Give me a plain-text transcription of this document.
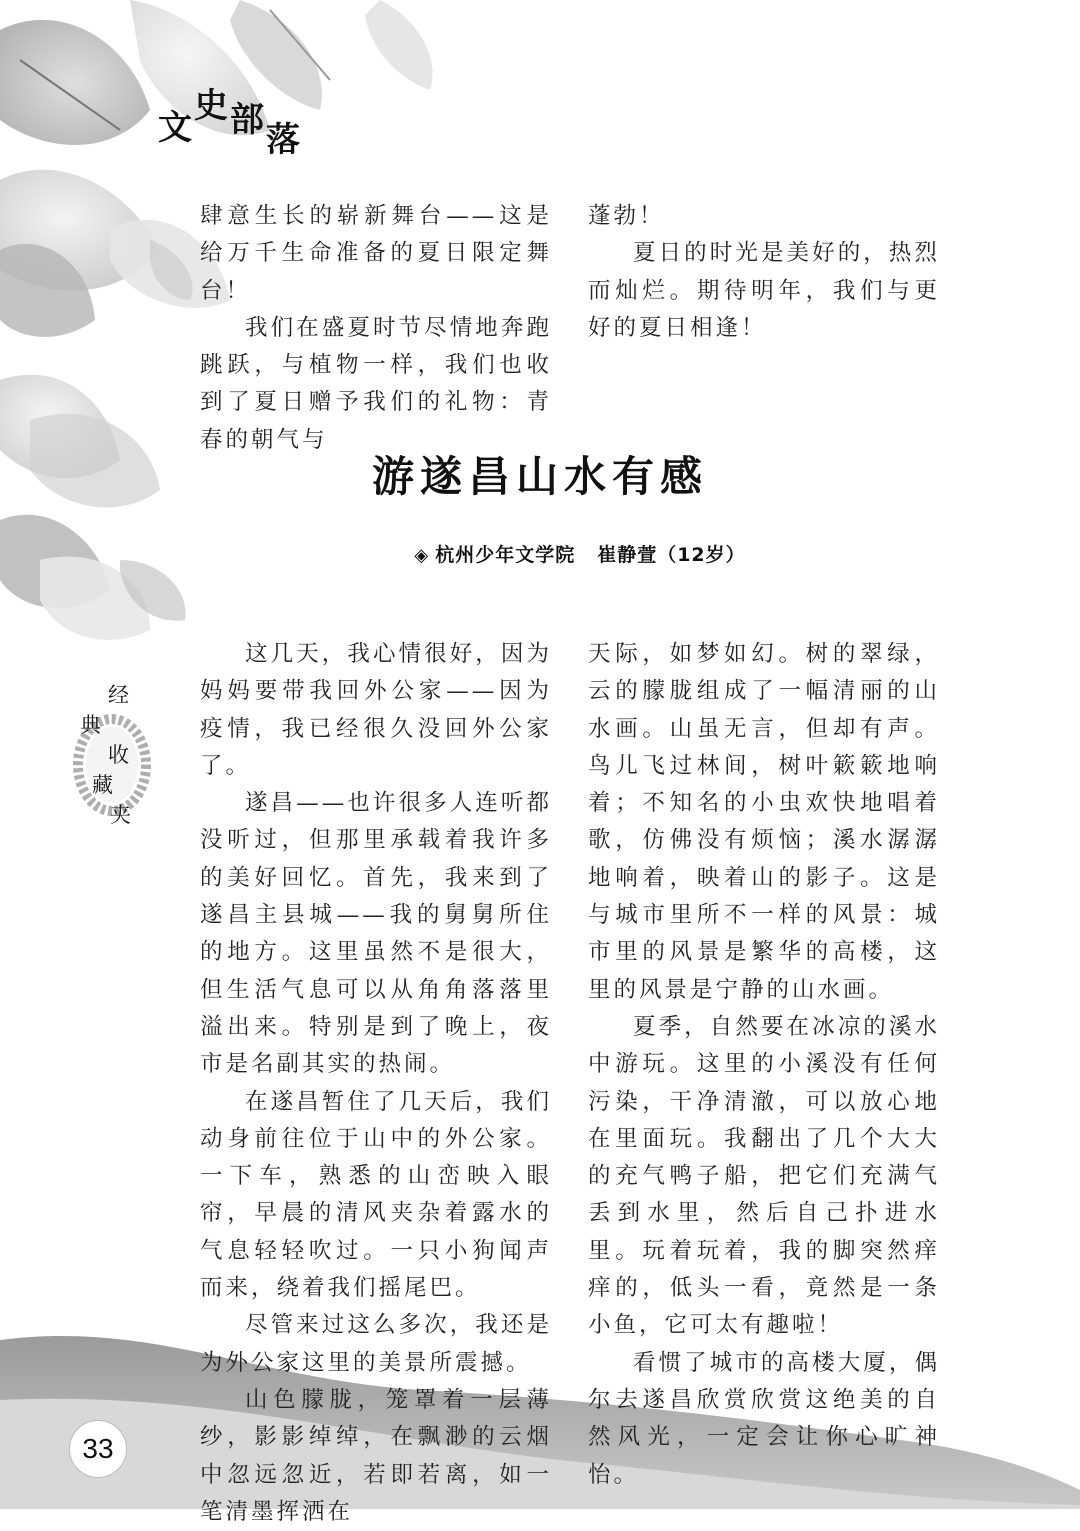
文史部落

肆意生长的崭新舞台——这是给万千生命准备的夏日限定舞台！

我们在盛夏时节尽情地奔跑跳跃，与植物一样，我们也收到了夏日赠予我们的礼物：青春的朝气与

蓬勃！

夏日的时光是美好的，热烈而灿烂。期待明年，我们与更好的夏日相逢！

游遂昌山水有感
◈ 杭州少年文学院 崔静萱（12岁）
经
典
收
藏
夹

这几天，我心情很好，因为妈妈要带我回外公家——因为疫情，我已经很久没回外公家了。

遂昌——也许很多人连听都没听过，但那里承载着我许多的美好回忆。首先，我来到了遂昌主县城——我的舅舅所住的地方。这里虽然不是很大，但生活气息可以从角角落落里溢出来。特别是到了晚上，夜市是名副其实的热闹。

在遂昌暂住了几天后，我们动身前往位于山中的外公家。一下车，熟悉的山峦映入眼帘，早晨的清风夹杂着露水的气息轻轻吹过。一只小狗闻声而来，绕着我们摇尾巴。

尽管来过这么多次，我还是为外公家这里的美景所震撼。

山色朦胧，笼罩着一层薄纱，影影绰绰，在飘渺的云烟中忽远忽近，若即若离，如一笔清墨挥洒在

天际，如梦如幻。树的翠绿，云的朦胧组成了一幅清丽的山水画。山虽无言，但却有声。鸟儿飞过林间，树叶簌簌地响着；不知名的小虫欢快地唱着歌，仿佛没有烦恼；溪水潺潺地响着，映着山的影子。这是与城市里所不一样的风景：城市里的风景是繁华的高楼，这里的风景是宁静的山水画。

夏季，自然要在冰凉的溪水中游玩。这里的小溪没有任何污染，干净清澈，可以放心地在里面玩。我翻出了几个大大的充气鸭子船，把它们充满气丢到水里，然后自己扑进水里。玩着玩着，我的脚突然痒痒的，低头一看，竟然是一条小鱼，它可太有趣啦！

看惯了城市的高楼大厦，偶尔去遂昌欣赏欣赏这绝美的自然风光，一定会让你心旷神怡。

33
